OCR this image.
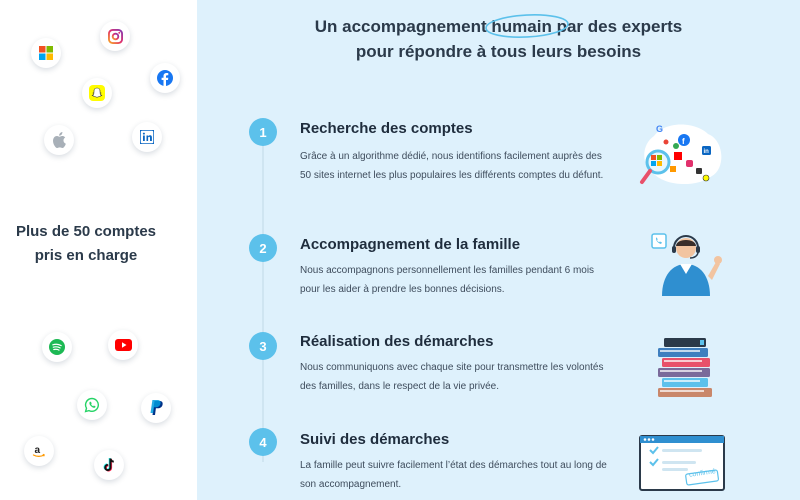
Plus de 50 comptes
pris en charge
a
Un accompagnement
humain par des experts
pour répondre à tous leurs besoins
1	Recherche des comptes
Grâce à un algorithme dédié, nous identifions facilement auprès des 50 sites internet les plus populaires les différents comptes du défunt.
2	Accompagnement de la famille
Nous accompagnons personnellement les familles pendant 6 mois pour les aider à prendre les bonnes décisions.
3	Réalisation des démarches
Nous communiquons avec chaque site pour transmettre les volontés des familles, dans le respect de la vie privée.
4	Suivi des démarches
La famille peut suivre facilement l’état des démarches tout au long de son accompagnement.
G
f
in
confirmé
